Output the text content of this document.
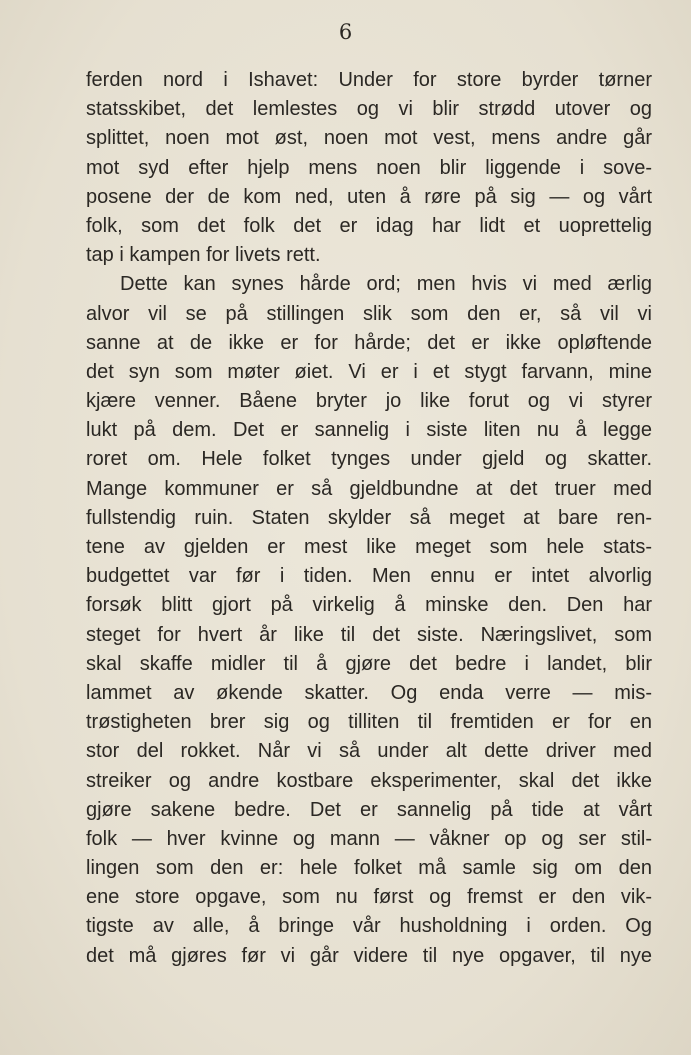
6
ferden nord i Ishavet: Under for store byrder tørner
statsskibet, det lemlestes og vi blir strødd utover og
splittet, noen mot øst, noen mot vest, mens andre går
mot syd efter hjelp mens noen blir liggende i sove-
posene der de kom ned, uten å røre på sig — og vårt
folk, som det folk det er idag har lidt et uoprettelig
tap i kampen for livets rett.
Dette kan synes hårde ord; men hvis vi med ærlig
alvor vil se på stillingen slik som den er, så vil vi
sanne at de ikke er for hårde; det er ikke opløftende
det syn som møter øiet. Vi er i et stygt farvann, mine
kjære venner. Båene bryter jo like forut og vi styrer
lukt på dem. Det er sannelig i siste liten nu å legge
roret om. Hele folket tynges under gjeld og skatter.
Mange kommuner er så gjeldbundne at det truer med
fullstendig ruin. Staten skylder så meget at bare ren-
tene av gjelden er mest like meget som hele stats-
budgettet var før i tiden. Men ennu er intet alvorlig
forsøk blitt gjort på virkelig å minske den. Den har
steget for hvert år like til det siste. Næringslivet, som
skal skaffe midler til å gjøre det bedre i landet, blir
lammet av økende skatter. Og enda verre — mis-
trøstigheten brer sig og tilliten til fremtiden er for en
stor del rokket. Når vi så under alt dette driver med
streiker og andre kostbare eksperimenter, skal det ikke
gjøre sakene bedre. Det er sannelig på tide at vårt
folk — hver kvinne og mann — våkner op og ser stil-
lingen som den er: hele folket må samle sig om den
ene store opgave, som nu først og fremst er den vik-
tigste av alle, å bringe vår husholdning i orden. Og
det må gjøres før vi går videre til nye opgaver, til nye
